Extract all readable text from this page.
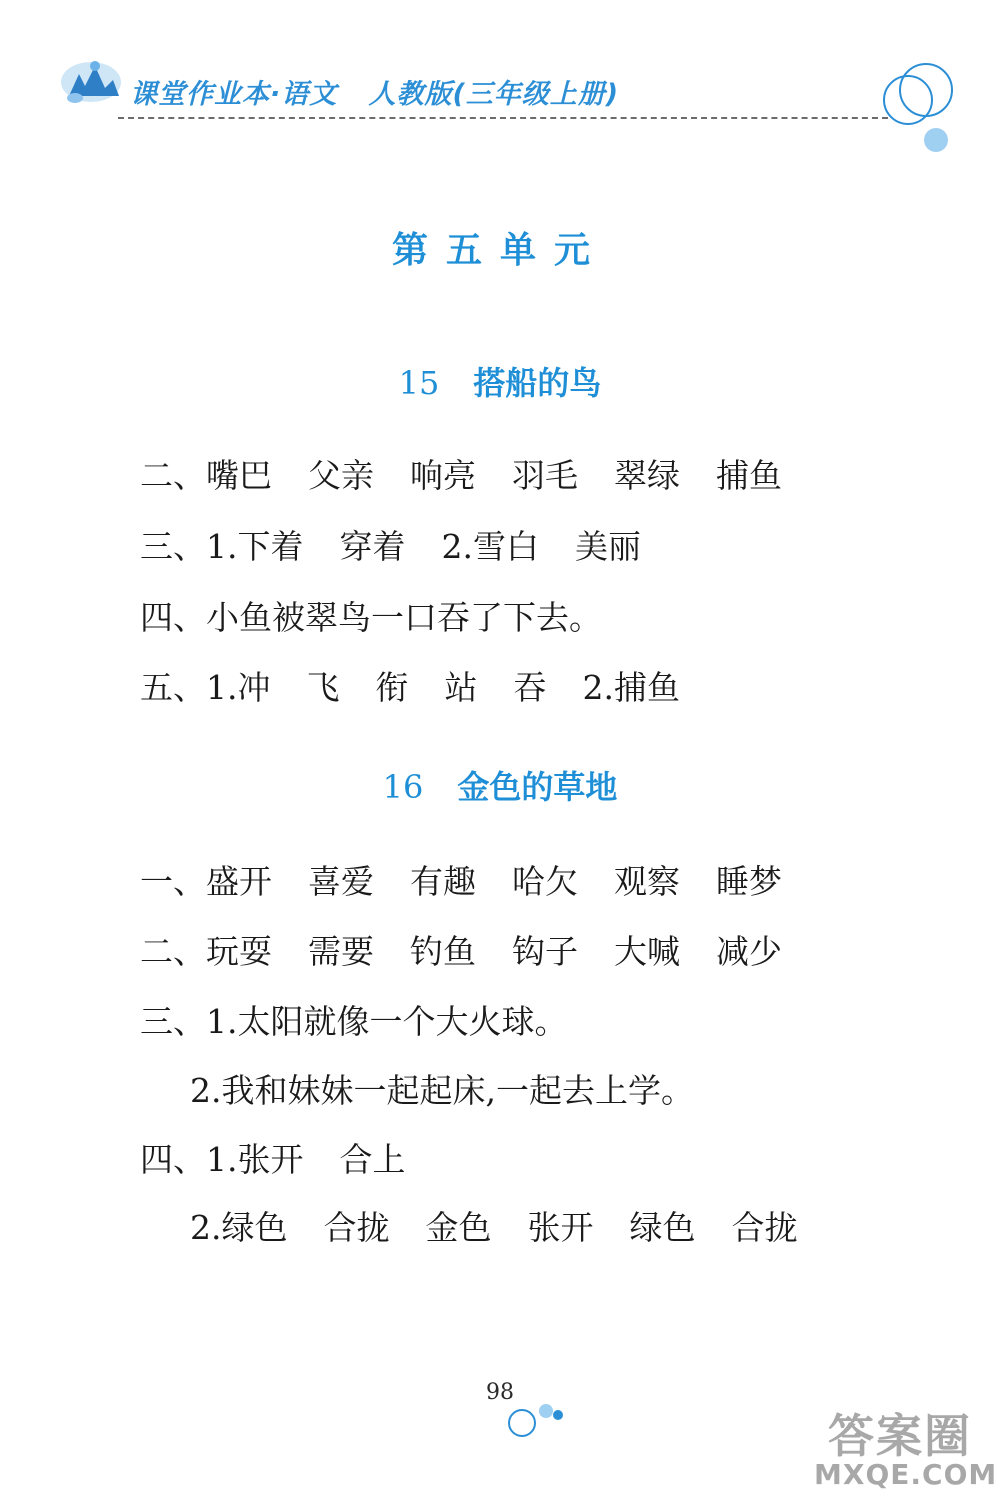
课堂作业本·语文   人教版(三年级上册)
第五单元
15 搭船的鸟
二、嘴巴 父亲 响亮 羽毛 翠绿 捕鱼
三、1.下着 穿着 2.雪白 美丽
四、小鱼被翠鸟一口吞了下去。
五、1.冲 飞 衔 站 吞 2.捕鱼
16 金色的草地
一、盛开 喜爱 有趣 哈欠 观察 睡梦
二、玩耍 需要 钓鱼 钩子 大喊 减少
三、1.太阳就像一个大火球。
2.我和妹妹一起起床,一起去上学。
四、1.张开 合上
2.绿色 合拢 金色 张开 绿色 合拢
98
答案圈
MXQE.COM
